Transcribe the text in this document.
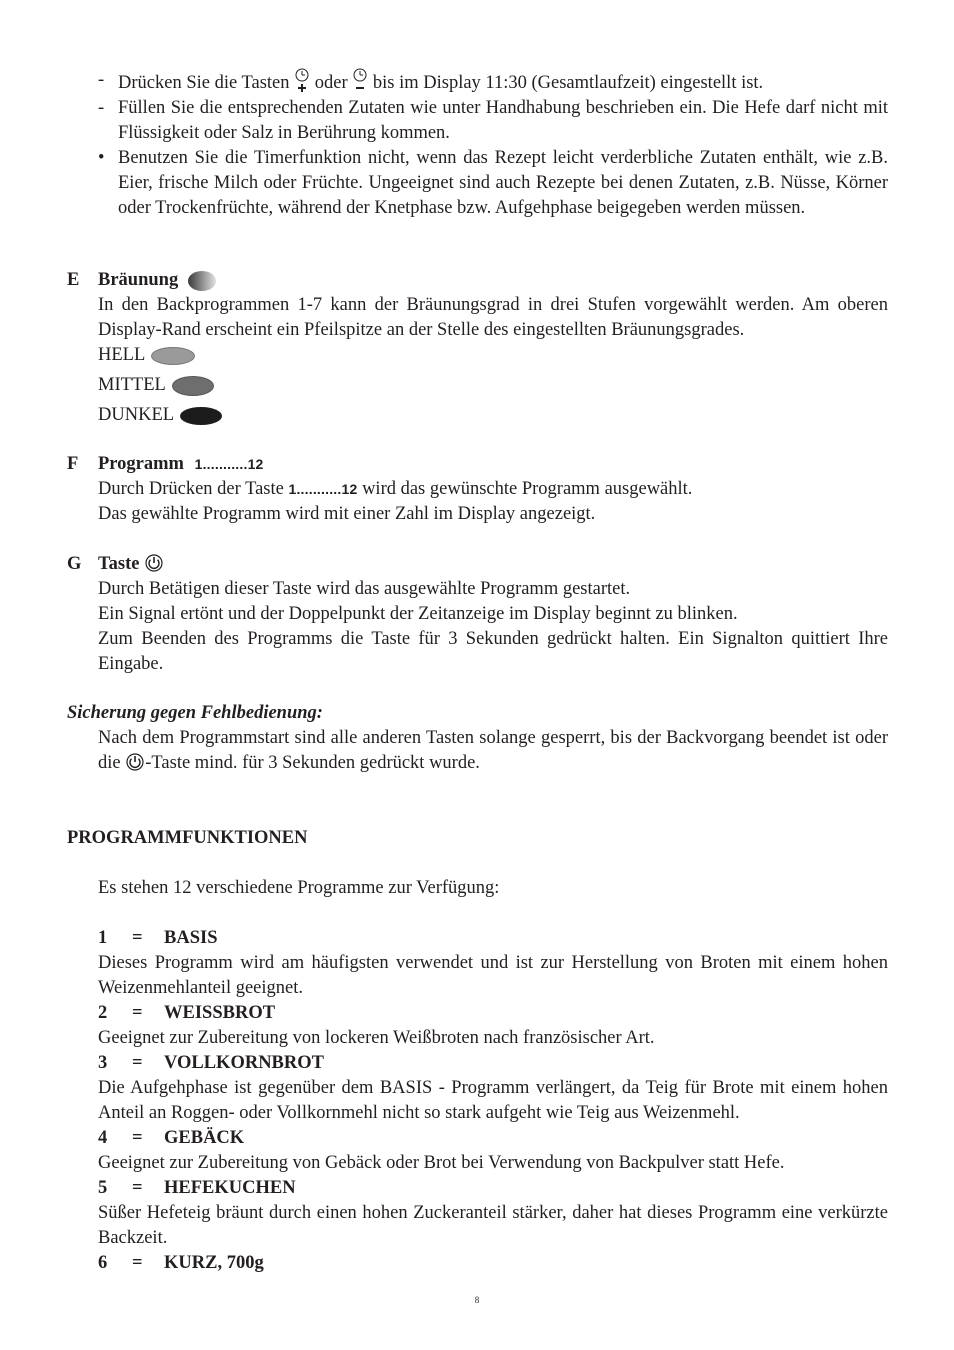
- Drücken Sie die Tasten oder bis im Display 11:30 (Gesamtlaufzeit) eingestellt ist.
- Füllen Sie die entsprechenden Zutaten wie unter Handhabung beschrieben ein. Die Hefe darf nicht mit Flüssigkeit oder Salz in Berührung kommen.
• Benutzen Sie die Timerfunktion nicht, wenn das Rezept leicht verderbliche Zutaten enthält, wie z.B. Eier, frische Milch oder Früchte. Ungeeignet sind auch Rezepte bei denen Zutaten, z.B. Nüsse, Körner oder Trockenfrüchte, während der Knetphase bzw. Aufgehphase beigegeben werden müssen.
E Bräunung

In den Backprogrammen 1-7 kann der Bräunungsgrad in drei Stufen vorgewählt werden. Am oberen Display-Rand erscheint ein Pfeilspitze an der Stelle des eingestellten Bräunungsgrades.

HELL

MITTEL

DUNKEL

F Programm 1...........12

Durch Drücken der Taste 1...........12 wird das gewünschte Programm ausgewählt.

Das gewählte Programm wird mit einer Zahl im Display angezeigt.

G Taste

Durch Betätigen dieser Taste wird das ausgewählte Programm gestartet.

Ein Signal ertönt und der Doppelpunkt der Zeitanzeige im Display beginnt zu blinken.

Zum Beenden des Programms die Taste für 3 Sekunden gedrückt halten. Ein Signalton quittiert Ihre Eingabe.

Sicherung gegen Fehlbedienung:
Nach dem Programmstart sind alle anderen Tasten solange gesperrt, bis der Backvorgang beendet ist oder die -Taste mind. für 3 Sekunden gedrückt wurde.
PROGRAMMFUNKTIONEN
Es stehen 12 verschiedene Programme zur Verfügung:

1 = BASIS

Dieses Programm wird am häufigsten verwendet und ist zur Herstellung von Broten mit einem hohen Weizenmehlanteil geeignet.

2 = WEISSBROT

Geeignet zur Zubereitung von lockeren Weißbroten nach französischer Art.

3 = VOLLKORNBROT

Die Aufgehphase ist gegenüber dem BASIS - Programm verlängert, da Teig für Brote mit einem hohen Anteil an Roggen- oder Vollkornmehl nicht so stark aufgeht wie Teig aus Weizenmehl.

4 = GEBÄCK

Geeignet zur Zubereitung von Gebäck oder Brot bei Verwendung von Backpulver statt Hefe.

5 = HEFEKUCHEN

Süßer Hefeteig bräunt durch einen hohen Zuckeranteil stärker, daher hat dieses Programm eine verkürzte Backzeit.

6 = KURZ, 700g

8
